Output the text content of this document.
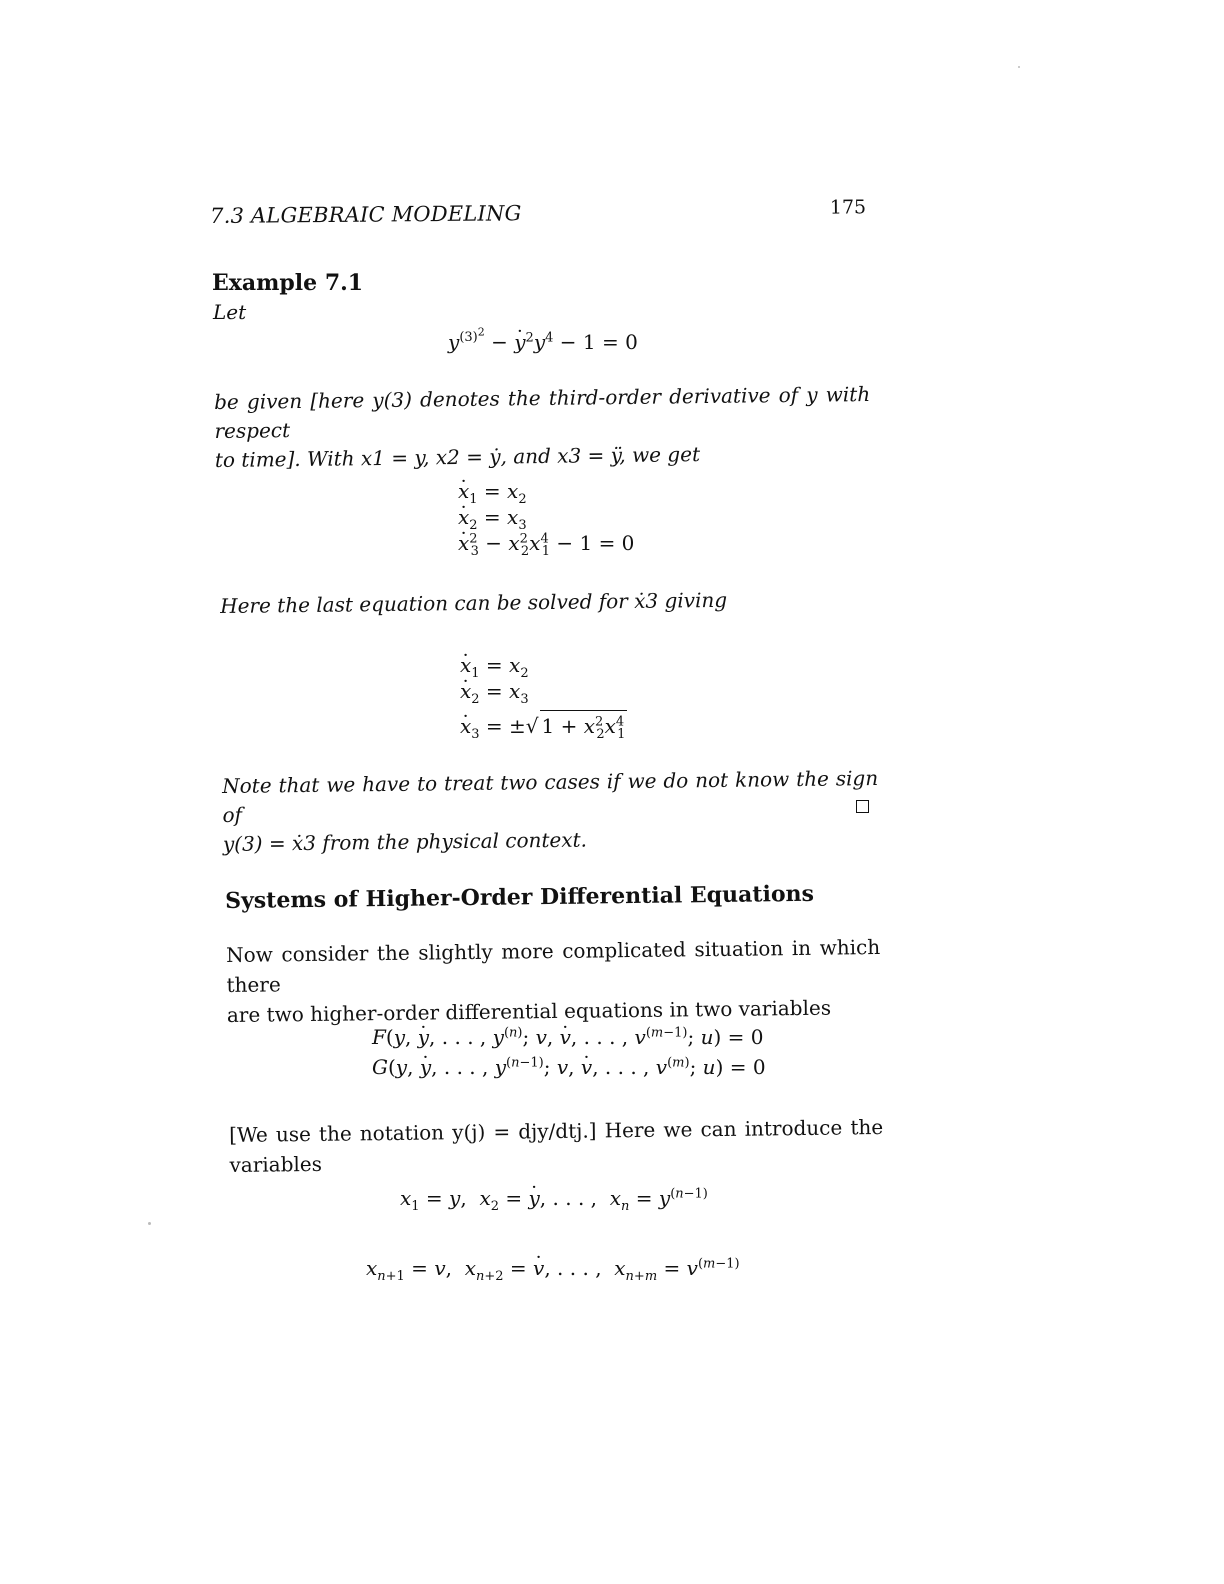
7.3 ALGEBRAIC MODELING	175
Example 7.1
Let
$y^{(3)^2}$ − · $y^2y^4 - 1 = 0$
be given [here y(3) denotes the third-order derivative of y with respect
to time]. With x1 = y, x2 = ẏ, and x3 = ÿ, we get
· $x_1 = x_2$
· $x_2 = x_3$
· $x^2_3 - x^2_2x^4_1 - 1 = 0$
Here the last equation can be solved for ẋ3 giving
· $x_1 = x_2$
· $x_2 = x_3$
· $x_3$ = ±√ $1 + x^2_2x^4_1$
Note that we have to treat two cases if we do not know the sign of
y(3) = ẋ3 from the physical context.
Systems of Higher-Order Differential Equations
Now consider the slightly more complicated situation in which there
are two higher-order differential equations in two variables
F(y, · y, . . . , $y^{(n)}$; v, · v, . . . , $v^{(m-1)}$; u) = 0
G(y, · y, . . . , $y^{(n-1)}$; v, · v, . . . , $v^{(m)}$; u) = 0
[We use the notation y(j) = djy/dtj.] Here we can introduce the
variables
$x_1 = y$,  $x_2$ = · y, . . . ,  $x_n = y^{(n-1)}$
$x_{n+1} = v$,  $x_{n+2}$ = · v, . . . ,  $x_{n+m} = v^{(m-1)}$
